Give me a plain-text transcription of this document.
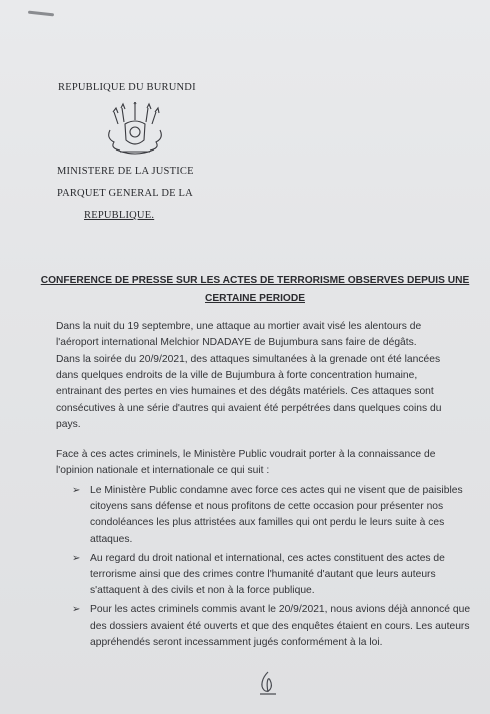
REPUBLIQUE DU BURUNDI
MINISTERE DE LA JUSTICE
PARQUET GENERAL DE LA
REPUBLIQUE.
CONFERENCE DE PRESSE SUR LES ACTES DE TERRORISME OBSERVES DEPUIS UNE CERTAINE PERIODE
Dans la nuit du 19 septembre, une attaque au mortier avait visé les alentours de l'aéroport international Melchior NDADAYE de Bujumbura sans faire de dégâts.
Dans la soirée du 20/9/2021, des attaques simultanées à la grenade ont été lancées dans quelques endroits de la ville de Bujumbura à forte concentration humaine, entrainant des pertes en vies humaines et des dégâts matériels. Ces attaques sont consécutives à une série d'autres qui avaient été perpétrées dans quelques coins du pays.
Face à ces actes criminels, le Ministère Public voudrait porter à la connaissance de l'opinion nationale et internationale ce qui suit :
➢ Le Ministère Public condamne avec force ces actes qui ne visent que de paisibles citoyens sans défense et nous profitons de cette occasion pour présenter nos condoléances les plus attristées aux familles qui ont perdu le leurs suite à ces attaques.
➢ Au regard du droit national et international, ces actes constituent des actes de terrorisme ainsi que des crimes contre l'humanité d'autant que leurs auteurs s'attaquent à des civils et non à la force publique.
➢ Pour les actes criminels commis avant le 20/9/2021, nous avions déjà annoncé que des dossiers avaient été ouverts et que des enquêtes étaient en cours. Les auteurs appréhendés seront incessamment jugés conformément à la loi.
